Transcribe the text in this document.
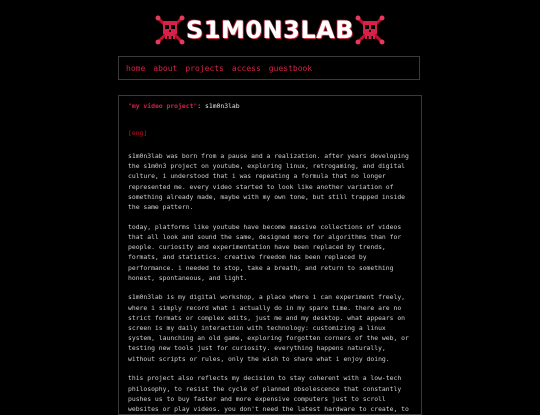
S1M0N3LAB
home about projects access guestbook

"my video project": s1m0n3lab

[eng]

s1m0n3lab was born from a pause and a realization. after years developing the s1m0n3 project on youtube, exploring linux, retrogaming, and digital culture, i understood that i was repeating a formula that no longer represented me. every video started to look like another variation of something already made, maybe with my own tone, but still trapped inside the same pattern.

today, platforms like youtube have become massive collections of videos that all look and sound the same, designed more for algorithms than for people. curiosity and experimentation have been replaced by trends, formats, and statistics. creative freedom has been replaced by performance. i needed to stop, take a breath, and return to something honest, spontaneous, and light.

s1m0n3lab is my digital workshop, a place where i can experiment freely, where i simply record what i actually do in my spare time. there are no strict formats or complex edits, just me and my desktop. what appears on screen is my daily interaction with technology: customizing a linux system, launching an old game, exploring forgotten corners of the web, or testing new tools just for curiosity. everything happens naturally, without scripts or rules, only the wish to share what i enjoy doing.

this project also reflects my decision to stay coherent with a low-tech philosophy, to resist the cycle of planned obsolescence that constantly pushes us to buy faster and more expensive computers just to scroll websites or play videos. you don't need the latest hardware to create, to
